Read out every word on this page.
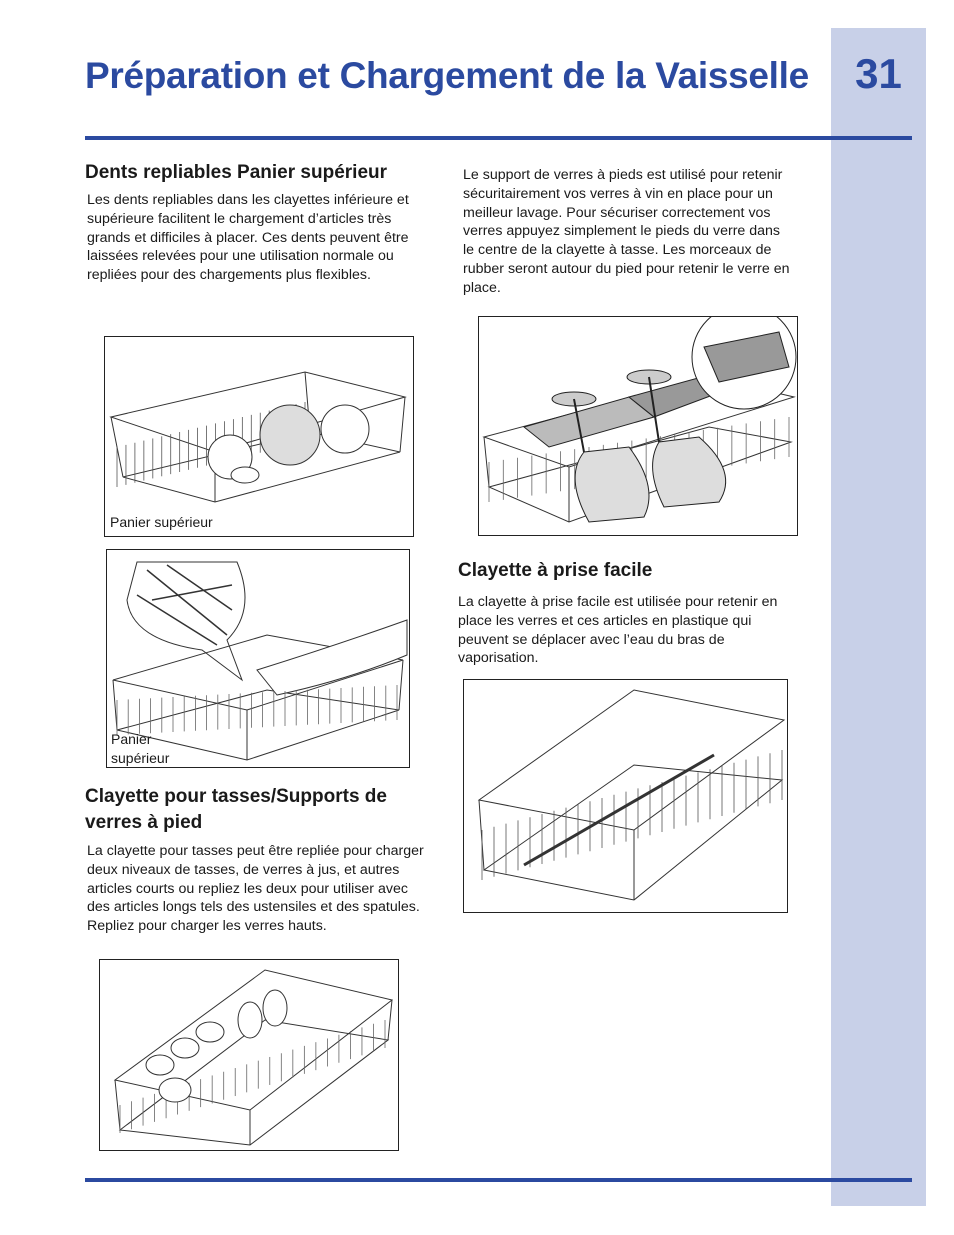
31
Préparation et Chargement de la Vaisselle
Dents repliables Panier supérieur
Les dents repliables dans les clayettes inférieure et supérieure facilitent le chargement d’articles très grands et difficiles à placer. Ces dents peuvent être laissées relevées pour une utilisation normale ou repliées pour des chargements plus flexibles.
Panier supérieur
Panier
supérieur
Clayette pour tasses/Supports de verres à pied
La clayette pour tasses peut être repliée pour charger deux niveaux de tasses, de verres à jus, et autres articles courts ou repliez les deux pour utiliser avec des articles longs tels des ustensiles et des spatules. Repliez pour charger les verres hauts.
Le support de verres à pieds est utilisé pour retenir sécuritairement vos verres à vin en place pour un meilleur lavage. Pour sécuriser correctement vos verres appuyez simplement le pieds du verre dans le centre de la clayette à tasse. Les morceaux de rubber seront autour du pied pour retenir le verre en place.
Clayette à prise facile
La clayette à prise facile est utilisée pour retenir en place les verres et ces articles en plastique qui peuvent se déplacer avec l’eau du bras de vaporisation.
